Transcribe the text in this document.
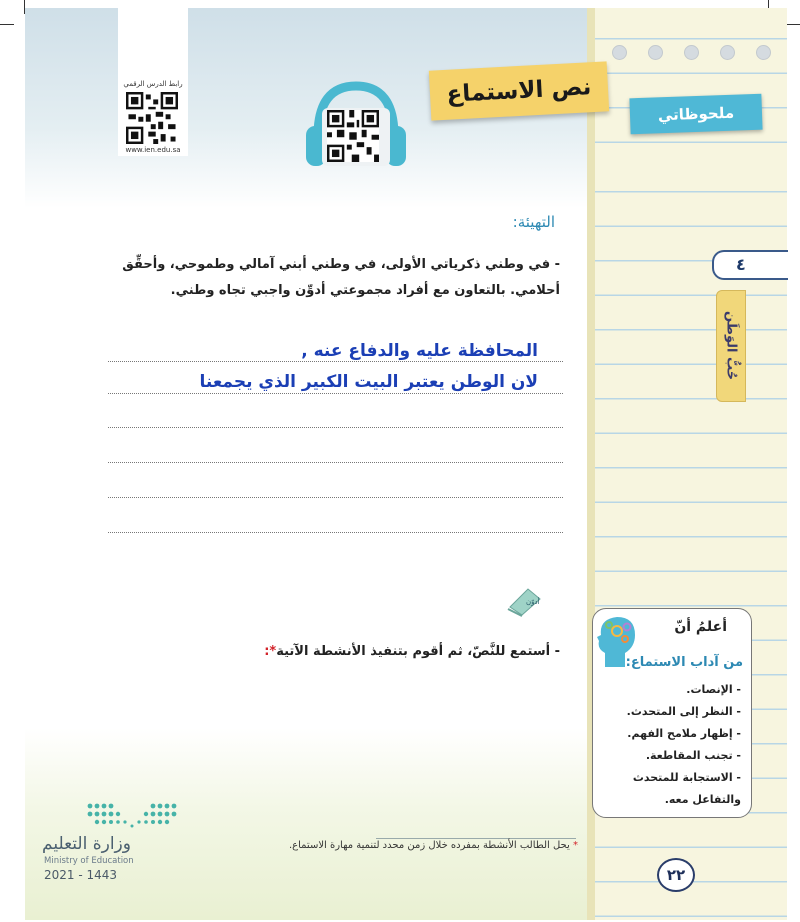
رابط الدرس الرقمي
www.ien.edu.sa
نص الاستماع
ملحوظاتي
٤
حُبُّ الوَطَن
التهيئة:
- في وطني ذكرياتي الأولى، في وطني أبني آمالي وطموحي، وأحقِّق أحلامي. بالتعاون مع أفراد مجموعتي أدوِّن واجبي تجاه وطني.
المحافظة عليه والدفاع عنه ,
لان الوطن يعتبر البيت الكبير الذي يجمعنا
أدوّن
- أستمع للنَّصّ، ثم أقوم بتنفيذ الأنشطة الآتية*:
أعلمُ أنّ
من آداب الاستماع:
- الإنصات.
- النظر إلى المتحدث.
- إظهار ملامح الفهم.
- تجنب المقاطعة.
- الاستجابة للمتحدث
والتفاعل معه.
* يحل الطالب الأنشطة بمفرده خلال زمن محدد لتنمية مهارة الاستماع.
٢٢
وزارة التعليم
Ministry of Education
2021 - 1443
